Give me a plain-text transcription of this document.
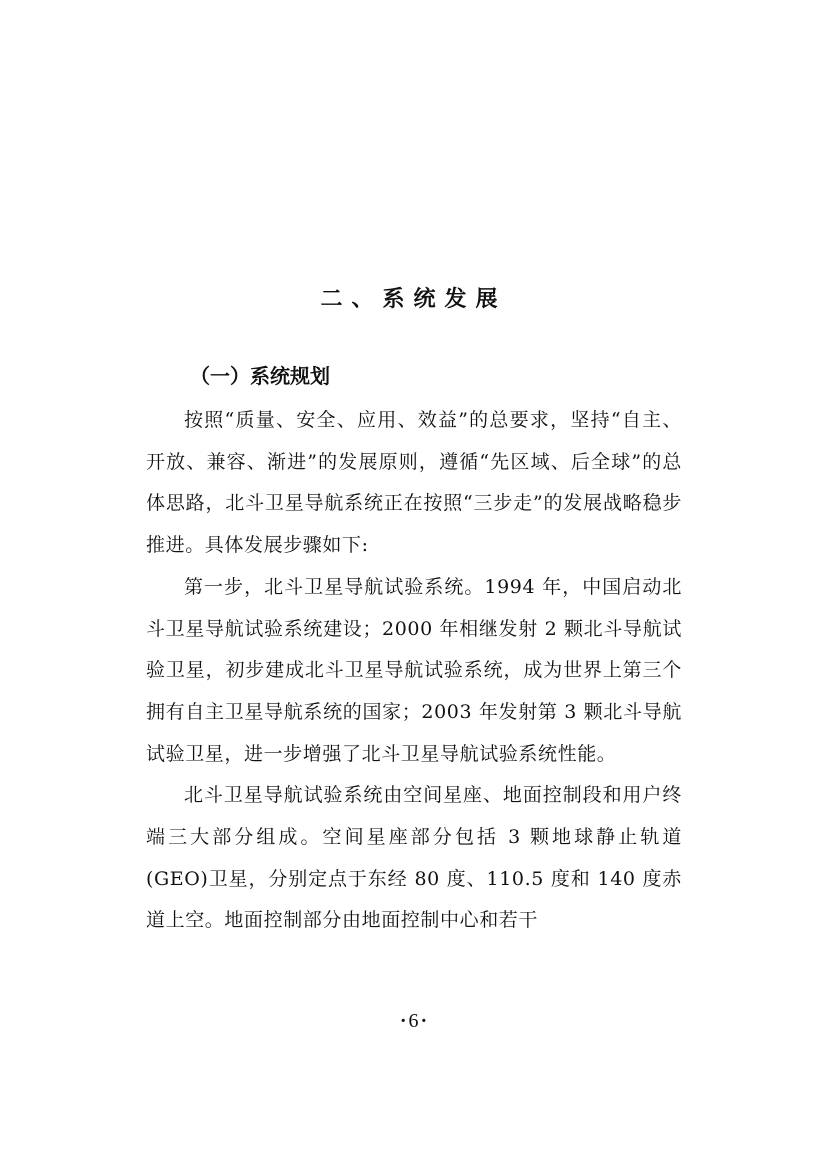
二、系统发展
（一）系统规划

按照“质量、安全、应用、效益”的总要求，坚持“自主、开放、兼容、渐进”的发展原则，遵循“先区域、后全球”的总体思路，北斗卫星导航系统正在按照“三步走”的发展战略稳步推进。具体发展步骤如下:

第一步，北斗卫星导航试验系统。1994 年，中国启动北斗卫星导航试验系统建设；2000 年相继发射 2 颗北斗导航试验卫星，初步建成北斗卫星导航试验系统，成为世界上第三个拥有自主卫星导航系统的国家；2003 年发射第 3 颗北斗导航试验卫星，进一步增强了北斗卫星导航试验系统性能。

北斗卫星导航试验系统由空间星座、地面控制段和用户终端三大部分组成。空间星座部分包括 3 颗地球静止轨道(GEO)卫星，分别定点于东经 80 度、110.5 度和 140 度赤道上空。地面控制部分由地面控制中心和若干

· 6 ·
